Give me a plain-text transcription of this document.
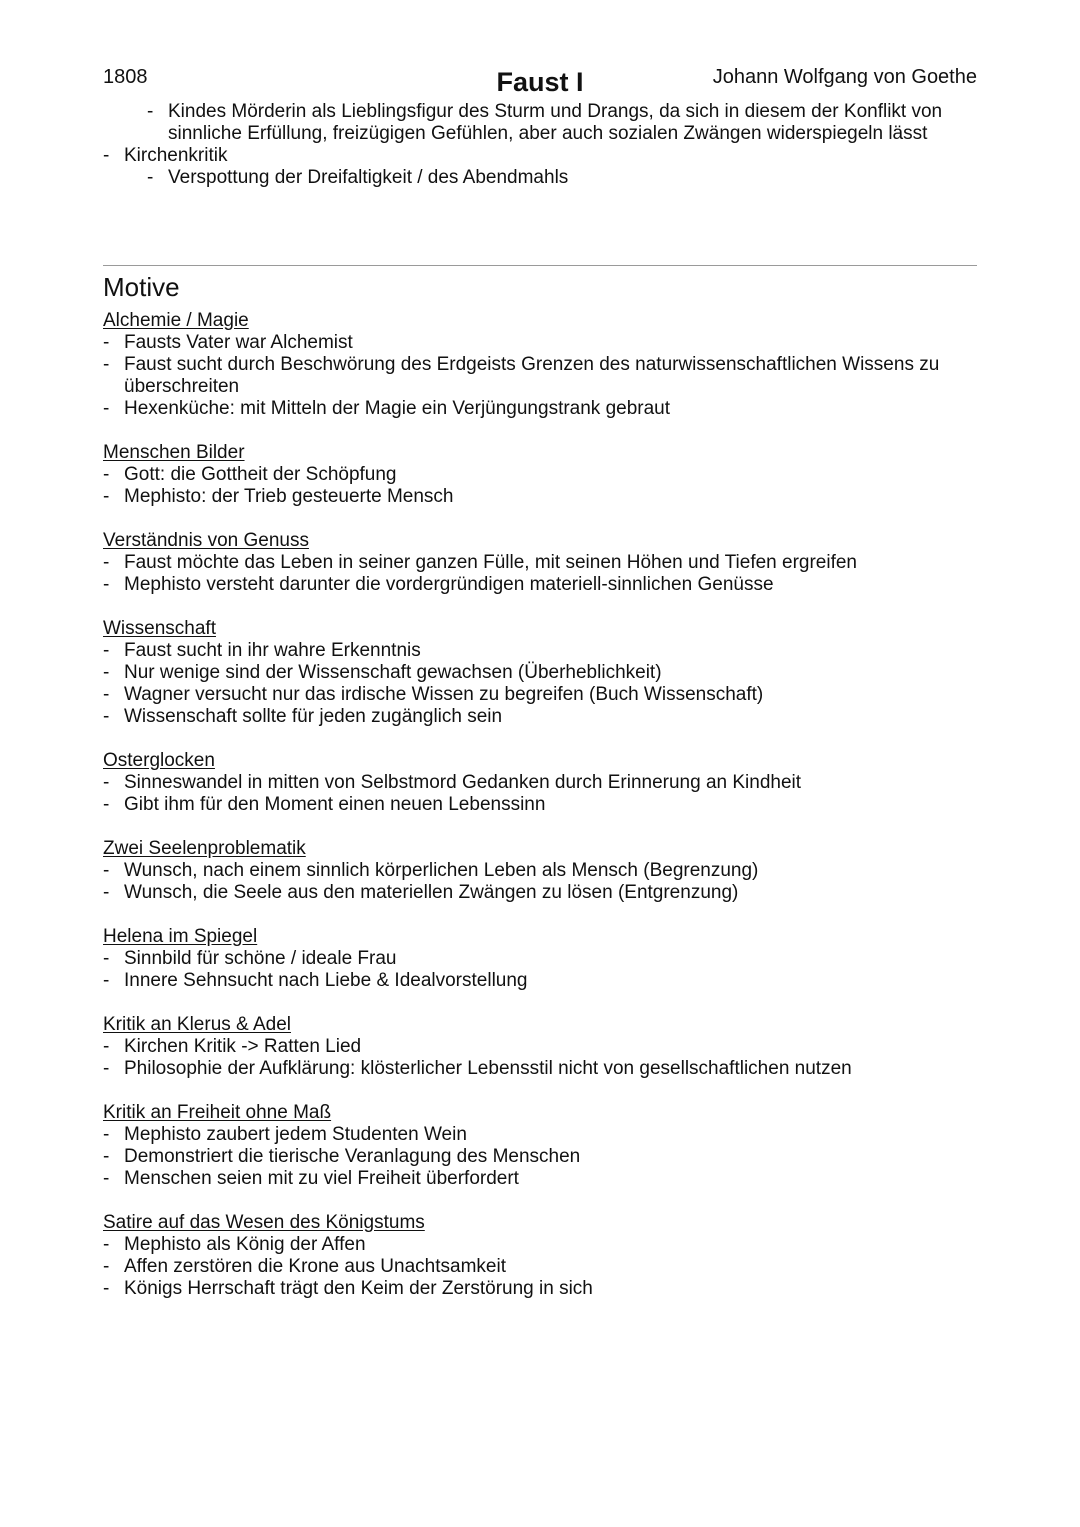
1808	Faust I	Johann Wolfgang von Goethe
- Kindes Mörderin als Lieblingsfigur des Sturm und Drangs, da sich in diesem der Konflikt von sinnliche Erfüllung, freizügigen Gefühlen, aber auch sozialen Zwängen widerspiegeln lässt
- Kirchenkritik
- Verspottung der Dreifaltigkeit / des Abendmahls
Motive
Alchemie / Magie
- Fausts Vater war Alchemist
- Faust sucht durch Beschwörung des Erdgeists Grenzen des naturwissenschaftlichen Wissens zu überschreiten
- Hexenküche: mit Mitteln der Magie ein Verjüngungstrank gebraut
Menschen Bilder
- Gott: die Gottheit der Schöpfung
- Mephisto: der Trieb gesteuerte Mensch
Verständnis von Genuss
- Faust möchte das Leben in seiner ganzen Fülle, mit seinen Höhen und Tiefen ergreifen
- Mephisto versteht darunter die vordergründigen materiell-sinnlichen Genüsse
Wissenschaft
- Faust sucht in ihr wahre Erkenntnis
- Nur wenige sind der Wissenschaft gewachsen (Überheblichkeit)
- Wagner versucht nur das irdische Wissen zu begreifen (Buch Wissenschaft)
- Wissenschaft sollte für jeden zugänglich sein
Osterglocken
- Sinneswandel in mitten von Selbstmord Gedanken durch Erinnerung an Kindheit
- Gibt ihm für den Moment einen neuen Lebenssinn
Zwei Seelenproblematik
- Wunsch, nach einem sinnlich körperlichen Leben als Mensch (Begrenzung)
- Wunsch, die Seele aus den materiellen Zwängen zu lösen (Entgrenzung)
Helena im Spiegel
- Sinnbild für schöne / ideale Frau
- Innere Sehnsucht nach Liebe & Idealvorstellung
Kritik an Klerus & Adel
- Kirchen Kritik -> Ratten Lied
- Philosophie der Aufklärung: klösterlicher Lebensstil nicht von gesellschaftlichen nutzen
Kritik an Freiheit ohne Maß
- Mephisto zaubert jedem Studenten Wein
- Demonstriert die tierische Veranlagung des Menschen
- Menschen seien mit zu viel Freiheit überfordert
Satire auf das Wesen des Königstums
- Mephisto als König der Affen
- Affen zerstören die Krone aus Unachtsamkeit
- Königs Herrschaft trägt den Keim der Zerstörung in sich
